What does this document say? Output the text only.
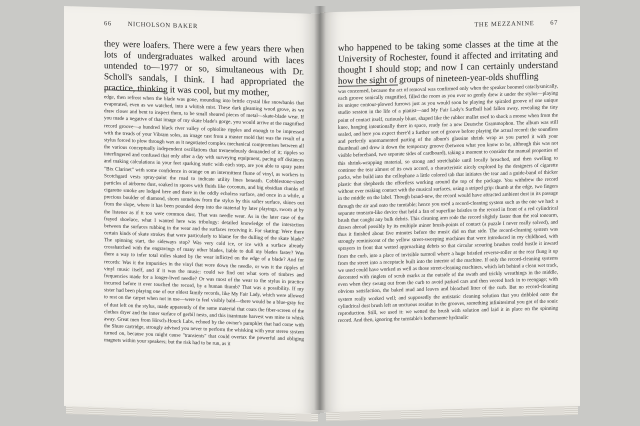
66 NICHOLSON BAKER
they were loafers. There were a few years there when lots of undergraduates walked around with laces untended to—1977 or so, simultaneous with Dr. Scholl's sandals, I think. I had appropriated the practice, thinking it was cool, but my mother,
edge, then refrost when the blade was gone, mounding into brittle crystal like snowbanks that evaporated, even as we watched, into a whitish mist. These dark gleaming wood grove, as we draw closer and bent to inspect them, to be small sheared pieces of metal—skate-blade wear. If you made a negative of that image of my skate blade's gorge, you would arrive at the magnified record groove—a hundred black river valley of ophiolite ripples and enough to be impressed with the treads of your Vibram soles, an image cast from a master mold that was the result of a stylus forced to plow through wax as it negotiated complex mechanical compromises between all the various conceptually independent oscillations that tremendously demanded of it; ripples so interfingered and confused that only after a day with surveying equipment, pacing off distances and making calculations in your feet sparking static with each step, are you able to spray paint "Bix Clarinet" with some confidence in orange on an intermittent flume of vinyl, as workers in Scotchgard vests spray-paint the road to indicate utility lines beneath. Cobblestone-sized particles of airborne dust, soaked in spores with fluids like coconuts, and big obsidian chunks of cigarette smoke are lodged here and there in the oddly echoless surface, and once in a while, a precious boulder of diamond, shorn somehow from the stylus by this softer surface, shines out from the slope, where it has been pounded deep into the material by later playings, sworn at by the listener as if it too were common dust. That was needle wear. As in the later case of the frayed shoelace, what I wanted here was tribology: detailed knowledge of the interaction between the surfaces rubbing in the wear and the surfaces receiving it. For skating: Were there certain kinds of skate strokes that were particularly to blame for the dulling of the skate blade? The spinning start, the sideways stop? Was very cold ice, or ice with a surface already crosshatched with the engravings of many other blades, liable to dull my blades faster? Was there a way to infer total miles skated by the wear inflicted on the edge of a blade? And for records: Was it the impurities in the vinyl that wore down the needle, or was it the ripples of vinyl music itself, and if it was the music: could we find out what sorts of timbres and frequencies made for a longer-lived needle? Or was most of the wear to the stylus in practice incurred before it ever touched the record, by a human thumb? That was a possibility. If my sister had been playing one of our oldest family records, like My Fair Lady, which were allowed to rest on the carpet when not in use—were to feel visibly bald—there would be a blue-gray fez of dust left on the stylus, made apparently of the same material that coats the fiber-screen of the clothes dryer and the inner surface of gerbil nests, and this inanimate harvest was mine to whisk away. Great men from Hirsch-Houck Labs, echoed by the owner's pamphlet that had come with the Shure cartridge, strongly advised you never to perform the whisking with your stereo system turned on, because you might cause "transients" that could overtax the powerful and obliging magnets within your speakers; but the risk had to be run, as it
THE MEZZANINE 67
who happened to be taking some classes at the time at the University of Rochester, found it affected and irritating and thought I should stop; and now I can certainly understand how the sight of groups of nineteen-year-olds shuffling
was concerned, because the act of removal was confirmed only when the speaker boomed cataclysmically, each groove sonically magnified, filled the room as you ever so gently drew it under the stylus—playing its unique contour-plowed furrows just as you would soon be playing the spiraled groove of one unique studio session in the life of a pianist—and My Fair Lady's Surfball had fallen away, revealing the tiny point of contact itself, curiously blunt, shaped like the rubber mallet used to shock a moose when from the knee, hanging intentionally there in space, ready for a new Deutsche Grammophon. The album was still sealed, and here you expect there'd a further sort of groove before playing the actual record: the soundless and perfectly unornamented parting of the album's glassine shrink wrap as you parted it with your thumbnail and drew it down the temporary groove (between what you know to be, although this was not visible beforehand, two separate sides of cardboard), taking a moment to consider the manual properties of this shrink-wrapping material, so strong and stretchable until locally breached, and then swelling to continue the tear almost of its own accord, a characteristic nicely explored by the designers of cigarette packs, who build into the cellophane a little colored tab that initiates the tear and a guide-band of thicker plastic that shepherds the effortless working around the top of the package. You withdrew the record without ever making contact with the musical surfaces, using a striped grip: thumb at the edge, two fingers in the middle on the label. Though brand-new, the record would have attracted ambient dust in its passage through the air and onto the turntable; hence you used a record-cleaning system such as the one we had: a separate tonearm-like device that held a fan of superfine bristles to the record in front of a red cylindrical brush that caught any bulk debris. This cleaning arm rode the record slightly faster than the real tonearm, drawn abroad possibly by its multiple minor brush-points of contact (a puzzle I never really solved), and thus it finished about five minutes before the music did on that side. The record-cleaning system was strongly reminiscent of the yellow street-sweeping machines that were introduced in my childhood, with sprayers in front that wetted approaching debris so that circular scouring brushes could hustle it inward from the curb, into a place of invisible turmoil where a huge bristled reverse-roller at the rear flung it up from the street into a receptacle built into the interior of the machine. If only the record-cleaning systems we used could have worked as well as those street-cleaning machines, which left behind a clean wet track, decorated with ringlets of scrub marks at the outside of the swath and trickly wreathings in the middle, even when they swung out from the curb to avoid parked cars and then veered back in to reengage; with obvious satisfaction, the baked mud and leaves and bleached litter of the curb. But no record-cleaning system really worked well; and supposedly the antistatic cleaning solution that you dribbled onto the cylindrical dust brush left an unctuous residue in the grooves, something infinitesimal you got of the sonic reproduction. Still, we used it: we wetted the brush with solution and laid it in place on the spinning record. And then, ignoring the turntable's bothersome hydraulic
